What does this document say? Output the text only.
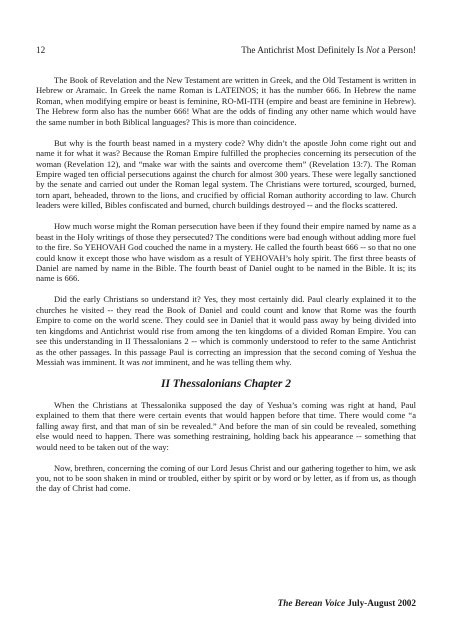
12	The Antichrist Most Definitely Is Not a Person!

The Book of Revelation and the New Testament are written in Greek, and the Old Testament is written in Hebrew or Aramaic. In Greek the name Roman is LATEINOS; it has the number 666. In Hebrew the name Roman, when modifying empire or beast is feminine, RO-MI-ITH (empire and beast are feminine in Hebrew). The Hebrew form also has the number 666! What are the odds of finding any other name which would have the same number in both Biblical languages? This is more than coincidence.

But why is the fourth beast named in a mystery code? Why didn’t the apostle John come right out and name it for what it was? Because the Roman Empire fulfilled the prophecies concerning its persecution of the woman (Revelation 12), and “make war with the saints and overcome them” (Revelation 13:7). The Roman Empire waged ten official persecutions against the church for almost 300 years. These were legally sanctioned by the senate and carried out under the Roman legal system. The Christians were tortured, scourged, burned, torn apart, beheaded, thrown to the lions, and crucified by official Roman authority according to law. Church leaders were killed, Bibles confiscated and burned, church buildings destroyed -- and the flocks scattered.

How much worse might the Roman persecution have been if they found their empire named by name as a beast in the Holy writings of those they persecuted? The conditions were bad enough without adding more fuel to the fire. So YEHOVAH God couched the name in a mystery. He called the fourth beast 666 -- so that no one could know it except those who have wisdom as a result of YEHOVAH’s holy spirit. The first three beasts of Daniel are named by name in the Bible. The fourth beast of Daniel ought to be named in the Bible. It is; its name is 666.

Did the early Christians so understand it? Yes, they most certainly did. Paul clearly explained it to the churches he visited -- they read the Book of Daniel and could count and know that Rome was the fourth Empire to come on the world scene. They could see in Daniel that it would pass away by being divided into ten kingdoms and Antichrist would rise from among the ten kingdoms of a divided Roman Empire. You can see this understanding in II Thessalonians 2 -- which is commonly understood to refer to the same Antichrist as the other passages. In this passage Paul is correcting an impression that the second coming of Yeshua the Messiah was imminent. It was not imminent, and he was telling them why.

II Thessalonians Chapter 2

When the Christians at Thessalonika supposed the day of Yeshua’s coming was right at hand, Paul explained to them that there were certain events that would happen before that time. There would come “a falling away first, and that man of sin be revealed.” And before the man of sin could be revealed, something else would need to happen. There was something restraining, holding back his appearance -- something that would need to be taken out of the way:

Now, brethren, concerning the coming of our Lord Jesus Christ and our gathering together to him, we ask you, not to be soon shaken in mind or troubled, either by spirit or by word or by letter, as if from us, as though the day of Christ had come.

The Berean Voice July-August 2002
